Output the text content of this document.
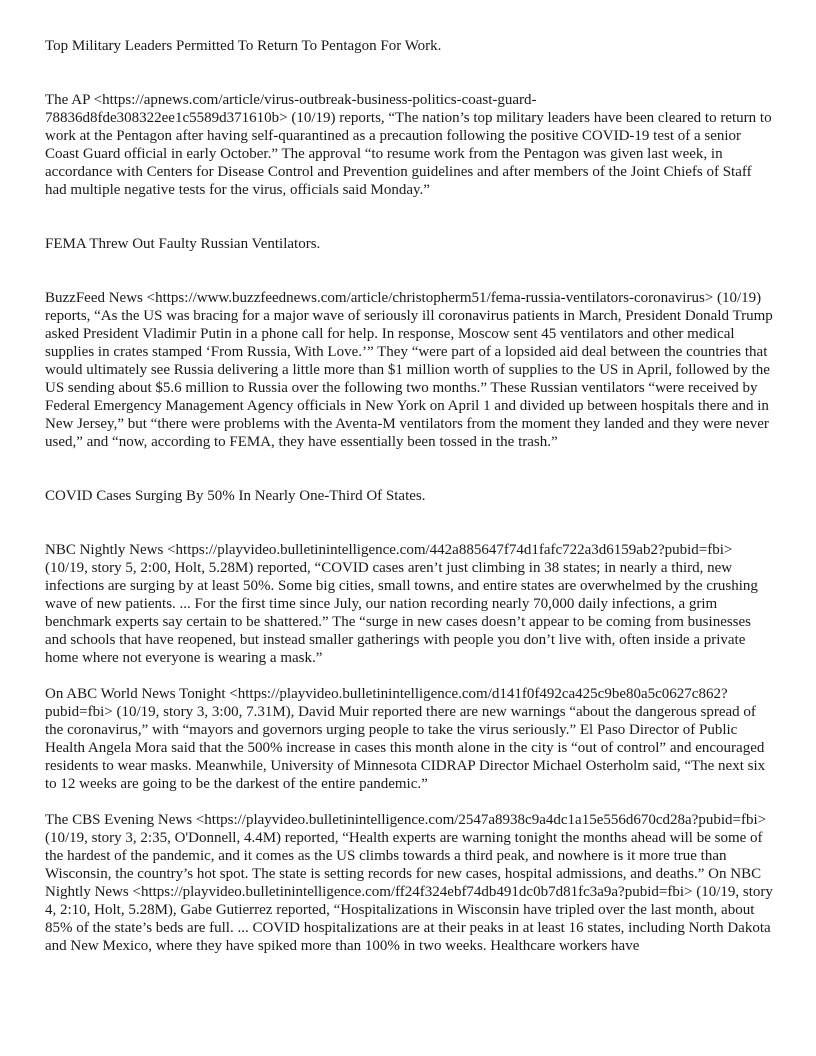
Top Military Leaders Permitted To Return To Pentagon For Work.

The AP <https://apnews.com/article/virus-outbreak-business-politics-coast-guard-78836d8fde308322ee1c5589d371610b> (10/19) reports, “The nation’s top military leaders have been cleared to return to work at the Pentagon after having self-quarantined as a precaution following the positive COVID-19 test of a senior Coast Guard official in early October.” The approval “to resume work from the Pentagon was given last week, in accordance with Centers for Disease Control and Prevention guidelines and after members of the Joint Chiefs of Staff had multiple negative tests for the virus, officials said Monday.”

FEMA Threw Out Faulty Russian Ventilators.

BuzzFeed News <https://www.buzzfeednews.com/article/christopherm51/fema-russia-ventilators-coronavirus> (10/19) reports, “As the US was bracing for a major wave of seriously ill coronavirus patients in March, President Donald Trump asked President Vladimir Putin in a phone call for help. In response, Moscow sent 45 ventilators and other medical supplies in crates stamped ‘From Russia, With Love.’” They “were part of a lopsided aid deal between the countries that would ultimately see Russia delivering a little more than $1 million worth of supplies to the US in April, followed by the US sending about $5.6 million to Russia over the following two months.” These Russian ventilators “were received by Federal Emergency Management Agency officials in New York on April 1 and divided up between hospitals there and in New Jersey,” but “there were problems with the Aventa-M ventilators from the moment they landed and they were never used,” and “now, according to FEMA, they have essentially been tossed in the trash.”

COVID Cases Surging By 50% In Nearly One-Third Of States.

NBC Nightly News <https://playvideo.bulletinintelligence.com/442a885647f74d1fafc722a3d6159ab2?pubid=fbi> (10/19, story 5, 2:00, Holt, 5.28M) reported, “COVID cases aren’t just climbing in 38 states; in nearly a third, new infections are surging by at least 50%. Some big cities, small towns, and entire states are overwhelmed by the crushing wave of new patients. ... For the first time since July, our nation recording nearly 70,000 daily infections, a grim benchmark experts say certain to be shattered.” The “surge in new cases doesn’t appear to be coming from businesses and schools that have reopened, but instead smaller gatherings with people you don’t live with, often inside a private home where not everyone is wearing a mask.”

On ABC World News Tonight <https://playvideo.bulletinintelligence.com/d141f0f492ca425c9be80a5c0627c862?pubid=fbi> (10/19, story 3, 3:00, 7.31M), David Muir reported there are new warnings “about the dangerous spread of the coronavirus,” with “mayors and governors urging people to take the virus seriously.” El Paso Director of Public Health Angela Mora said that the 500% increase in cases this month alone in the city is “out of control” and encouraged residents to wear masks. Meanwhile, University of Minnesota CIDRAP Director Michael Osterholm said, “The next six to 12 weeks are going to be the darkest of the entire pandemic.”

The CBS Evening News <https://playvideo.bulletinintelligence.com/2547a8938c9a4dc1a15e556d670cd28a?pubid=fbi> (10/19, story 3, 2:35, O'Donnell, 4.4M) reported, “Health experts are warning tonight the months ahead will be some of the hardest of the pandemic, and it comes as the US climbs towards a third peak, and nowhere is it more true than Wisconsin, the country’s hot spot. The state is setting records for new cases, hospital admissions, and deaths.” On NBC Nightly News <https://playvideo.bulletinintelligence.com/ff24f324ebf74db491dc0b7d81fc3a9a?pubid=fbi> (10/19, story 4, 2:10, Holt, 5.28M), Gabe Gutierrez reported, “Hospitalizations in Wisconsin have tripled over the last month, about 85% of the state’s beds are full. ... COVID hospitalizations are at their peaks in at least 16 states, including North Dakota and New Mexico, where they have spiked more than 100% in two weeks. Healthcare workers have
